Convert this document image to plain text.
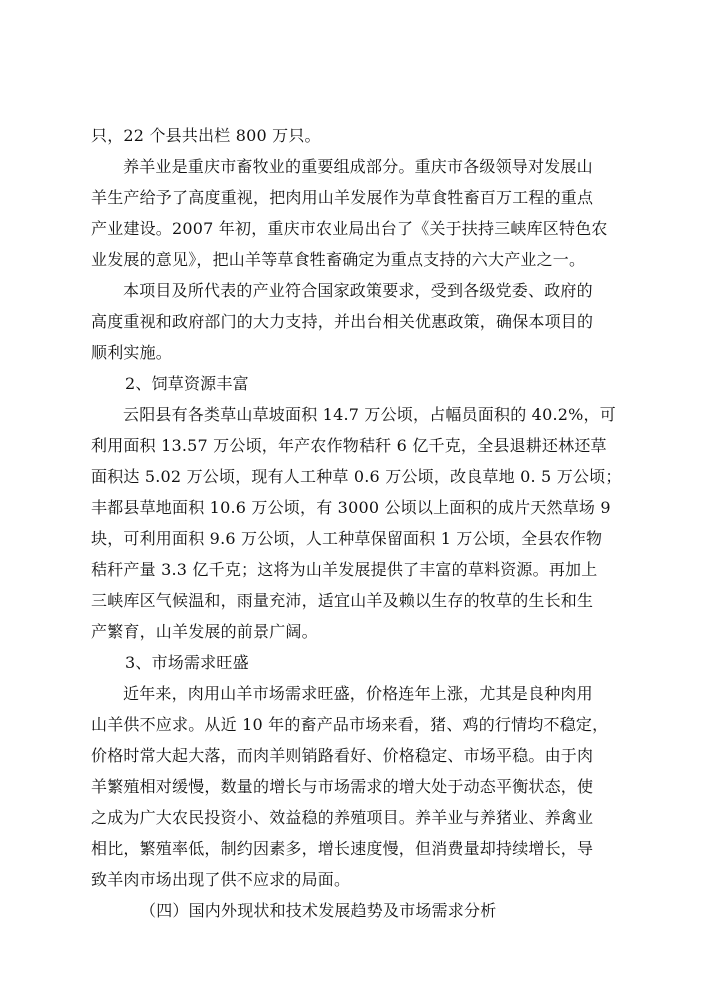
只，22 个县共出栏 800 万只。
养羊业是重庆市畜牧业的重要组成部分。重庆市各级领导对发展山
羊生产给予了高度重视，把肉用山羊发展作为草食牲畜百万工程的重点
产业建设。2007 年初，重庆市农业局出台了《关于扶持三峡库区特色农
业发展的意见》，把山羊等草食牲畜确定为重点支持的六大产业之一。
本项目及所代表的产业符合国家政策要求，受到各级党委、政府的
高度重视和政府部门的大力支持，并出台相关优惠政策，确保本项目的
顺利实施。
2、饲草资源丰富
云阳县有各类草山草坡面积 14.7 万公顷，占幅员面积的 40.2%，可
利用面积 13.57 万公顷，年产农作物秸秆 6 亿千克，全县退耕还林还草
面积达 5.02 万公顷，现有人工种草 0.6 万公顷，改良草地 0. 5 万公顷；
丰都县草地面积 10.6 万公顷，有 3000 公顷以上面积的成片天然草场 9
块，可利用面积 9.6 万公顷，人工种草保留面积 1 万公顷，全县农作物
秸秆产量 3.3 亿千克；这将为山羊发展提供了丰富的草料资源。再加上
三峡库区气候温和，雨量充沛，适宜山羊及赖以生存的牧草的生长和生
产繁育，山羊发展的前景广阔。
3、市场需求旺盛
近年来，肉用山羊市场需求旺盛，价格连年上涨，尤其是良种肉用
山羊供不应求。从近 10 年的畜产品市场来看，猪、鸡的行情均不稳定，
价格时常大起大落，而肉羊则销路看好、价格稳定、市场平稳。由于肉
羊繁殖相对缓慢，数量的增长与市场需求的增大处于动态平衡状态，使
之成为广大农民投资小、效益稳的养殖项目。养羊业与养猪业、养禽业
相比，繁殖率低，制约因素多，增长速度慢，但消费量却持续增长，导
致羊肉市场出现了供不应求的局面。
（四）国内外现状和技术发展趋势及市场需求分析
